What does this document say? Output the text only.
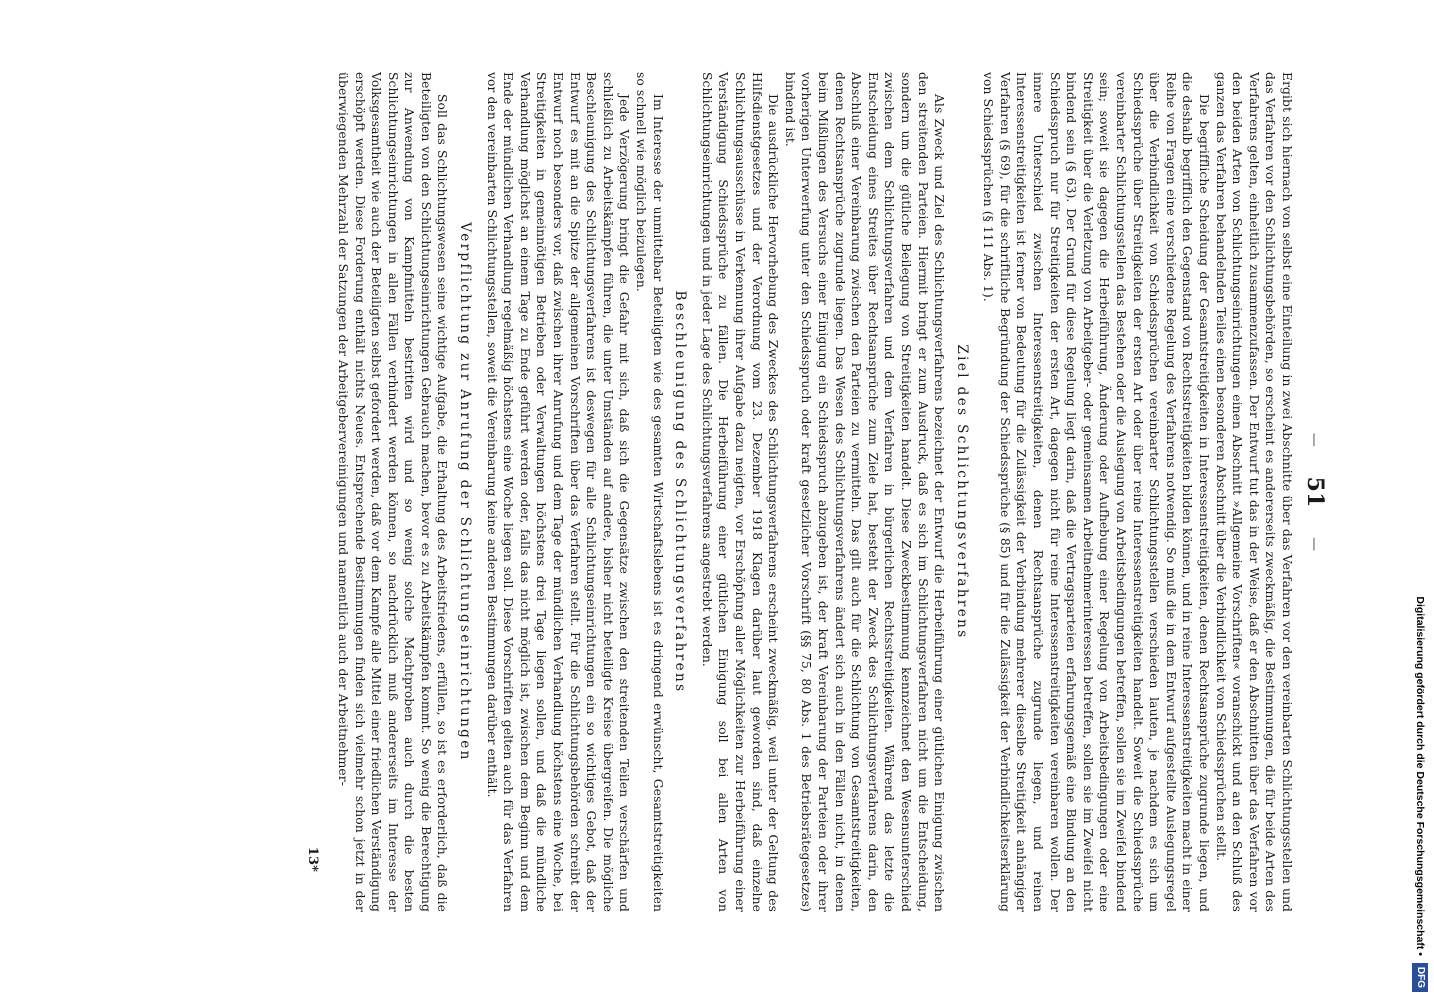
— 51 —

Ergibt sich hiernach von selbst eine Einteilung in zwei Abschnitte über das Verfahren vor den vereinbarten Schlichtungsstellen und das Verfahren vor den Schlichtungsbehörden, so erscheint es andererseits zweckmäßig, die Bestimmungen, die für beide Arten des Verfahrens gelten, einheitlich zusammenzufassen. Der Entwurf tut das in der Weise, daß er den Abschnitten über das Verfahren vor den beiden Arten von Schlichtungseinrichtungen einen Abschnitt »Allgemeine Vorschriften« voranschickt und an den Schluß des ganzen das Verfahren behandelnden Teiles einen besonderen Abschnitt über die Verbindlichkeit von Schiedssprüchen stellt.

Die begriffliche Scheidung der Gesamtstreitigkeiten in Interessenstreitigkeiten, denen Rechtsansprüche zugrunde liegen, und die deshalb begrifflich den Gegenstand von Rechtsstreitigkeiten bilden können, und in reine Interessenstreitigkeiten macht in einer Reihe von Fragen eine verschiedene Regelung des Verfahrens notwendig. So muß die in dem Entwurf aufgestellte Auslegungsregel über die Verbindlichkeit von Schiedssprüchen vereinbarter Schlichtungsstellen verschieden lauten, je nachdem es sich um Schiedssprüche über Streitigkeiten der ersten Art oder über reine Interessenstreitigkeiten handelt. Soweit die Schiedssprüche vereinbarter Schlichtungsstellen das Bestehen oder die Auslegung von Arbeitsbedingungen betreffen, sollen sie im Zweifel bindend sein; soweit sie dagegen die Herbeiführung, Änderung oder Aufhebung einer Regelung von Arbeitsbedingungen oder eine Streitigkeit über die Verletzung von Arbeitgeber- oder gemeinsamen Arbeitnehmerinteressen betreffen, sollen sie im Zweifel nicht bindend sein (§ 63). Der Grund für diese Regelung liegt darin, daß die Vertragsparteien erfahrungsgemäß eine Bindung an den Schiedsspruch nur für Streitigkeiten der ersten Art, dagegen nicht für reine Interessenstreitigkeiten vereinbaren wollen. Der innere Unterschied zwischen Interessenstreitigkeiten, denen Rechtsansprüche zugrunde liegen, und reinen Interessenstreitigkeiten ist ferner von Bedeutung für die Zulässigkeit der Verbindung mehrerer dieselbe Streitigkeit anhängiger Verfahren (§ 69), für die schriftliche Begründung der Schiedssprüche (§ 85) und für die Zulässigkeit der Verbindlichkeitserklärung von Schiedssprüchen (§ 111 Abs. 1).

Ziel des Schlichtungsverfahrens

Als Zweck und Ziel des Schlichtungsverfahrens bezeichnet der Entwurf die Herbeiführung einer gütlichen Einigung zwischen den streitenden Parteien. Hiermit bringt er zum Ausdruck, daß es sich im Schlichtungsverfahren nicht um die Entscheidung, sondern um die gütliche Beilegung von Streitigkeiten handelt. Diese Zweckbestimmung kennzeichnet den Wesensunterschied zwischen dem Schlichtungsverfahren und dem Verfahren in bürgerlichen Rechtsstreitigkeiten. Während das letzte die Entscheidung eines Streites über Rechtsansprüche zum Ziele hat, besteht der Zweck des Schlichtungsverfahrens darin, den Abschluß einer Vereinbarung zwischen den Parteien zu vermitteln. Das gilt auch für die Schlichtung von Gesamtstreitigkeiten, denen Rechtsansprüche zugrunde liegen. Das Wesen des Schlichtungsverfahrens ändert sich auch in den Fällen nicht, in denen beim Mißlingen des Versuchs einer Einigung ein Schiedsspruch abzugeben ist, der kraft Vereinbarung der Parteien oder ihrer vorherigen Unterwerfung unter den Schiedsspruch oder kraft gesetzlicher Vorschrift (§§ 75, 80 Abs. 1 des Betriebsrätegesetzes) bindend ist.

Die ausdrückliche Hervorhebung des Zweckes des Schlichtungsverfahrens erscheint zweckmäßig, weil unter der Geltung des Hilfsdienstgesetzes und der Verordnung vom 23. Dezember 1918 Klagen darüber laut geworden sind, daß einzelne Schlichtungsausschüsse in Verkennung ihrer Aufgabe dazu neigten, vor Erschöpfung aller Möglichkeiten zur Herbeiführung einer Verständigung Schiedssprüche zu fällen. Die Herbeiführung einer gütlichen Einigung soll bei allen Arten von Schlichtungseinrichtungen und in jeder Lage des Schlichtungsverfahrens angestrebt werden.

Beschleunigung des Schlichtungsverfahrens

Im Interesse der unmittelbar Beteiligten wie des gesamten Wirtschaftslebens ist es dringend erwünscht, Gesamtstreitigkeiten so schnell wie möglich beizulegen.

Jede Verzögerung bringt die Gefahr mit sich, daß sich die Gegensätze zwischen den streitenden Teilen verschärfen und schließlich zu Arbeitskämpfen führen, die unter Umständen auf andere, bisher nicht beteiligte Kreise übergreifen. Die mögliche Beschleunigung des Schlichtungsverfahrens ist deswegen für alle Schlichtungseinrichtungen ein so wichtiges Gebot, daß der Entwurf es mit an die Spitze der allgemeinen Vorschriften über das Verfahren stellt. Für die Schlichtungsbehörden schreibt der Entwurf noch besonders vor, daß zwischen ihrer Anrufung und dem Tage der mündlichen Verhandlung höchstens eine Woche, bei Streitigkeiten in gemeinnötigen Betrieben oder Verwaltungen höchstens drei Tage liegen sollen, und daß die mündliche Verhandlung möglichst an einem Tage zu Ende geführt werden oder, falls das nicht möglich ist, zwischen dem Beginn und dem Ende der mündlichen Verhandlung regelmäßig höchstens eine Woche liegen soll. Diese Vorschriften gelten auch für das Verfahren vor den vereinbarten Schlichtungsstellen, soweit die Vereinbarung keine anderen Bestimmungen darüber enthält.

Verpflichtung zur Anrufung der Schlichtungseinrichtungen

Soll das Schlichtungswesen seine wichtige Aufgabe, die Erhaltung des Arbeitsfriedens, erfüllen, so ist es erforderlich, daß die Beteiligten von den Schlichtungseinrichtungen Gebrauch machen, bevor es zu Arbeitskämpfen kommt. So wenig die Berechtigung zur Anwendung von Kampfmitteln bestritten wird und so wenig solche Machtproben auch durch die besten Schlichtungseinrichtungen in allen Fällen verhindert werden können, so nachdrücklich muß andererseits im Interesse der Volksgesamtheit wie auch der Beteiligten selbst gefordert werden, daß vor dem Kampfe alle Mittel einer friedlichen Verständigung erschöpft werden. Diese Forderung enthält nichts Neues. Entsprechende Bestimmungen finden sich vielmehr schon jetzt in der überwiegenden Mehrzahl der Satzungen der Arbeitgebervereinigungen und namentlich auch der Arbeitnehmer-

13*	Digitalisierung gefördert durch die Deutsche Forschungsgemeinschaft • DFG
